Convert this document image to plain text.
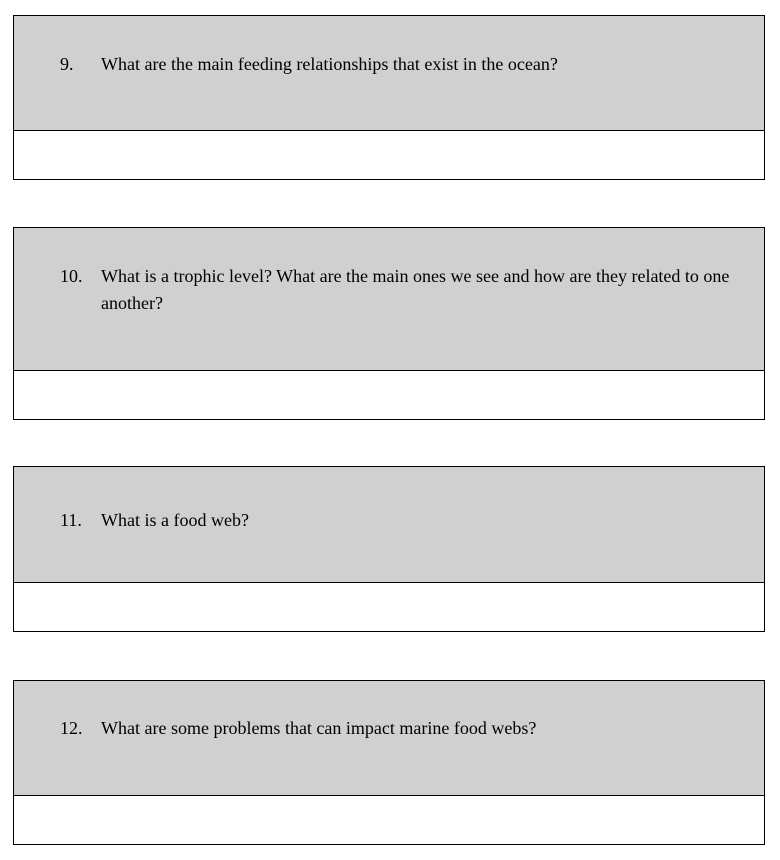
9.	What are the main feeding relationships that exist in the ocean?
10.	What is a trophic level? What are the main ones we see and how are they related to one another?
11.	What is a food web?
12.	What are some problems that can impact marine food webs?
